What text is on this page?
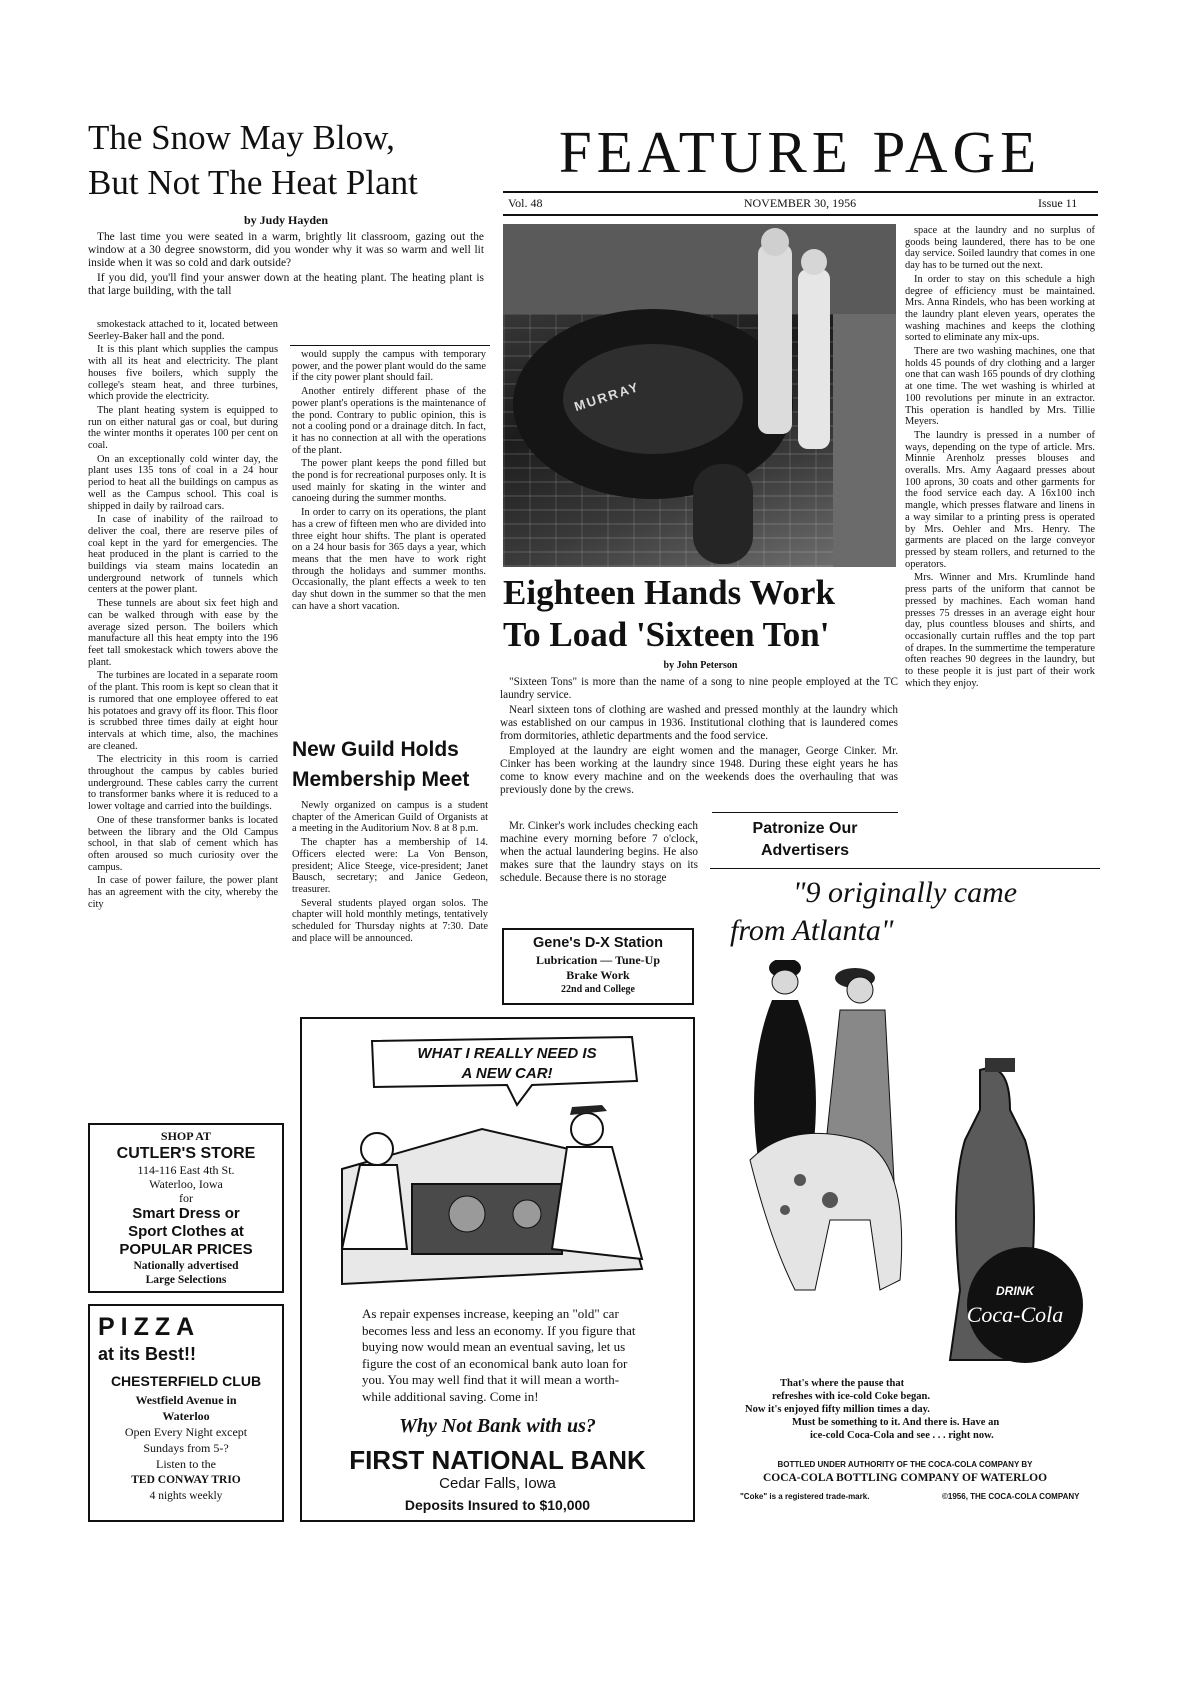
The Snow May Blow,
But Not The Heat Plant
by Judy Hayden

The last time you were seated in a warm, brightly lit classroom, gazing out the window at a 30 degree snowstorm, did you wonder why it was so warm and well lit inside when it was so cold and dark outside?

If you did, you'll find your answer down at the heating plant. The heating plant is that large building, with the tall

smokestack attached to it, located between Seerley-Baker hall and the pond.

It is this plant which supplies the campus with all its heat and electricity. The plant houses five boilers, which supply the college's steam heat, and three turbines, which provide the electricity.

The plant heating system is equipped to run on either natural gas or coal, but during the winter months it operates 100 per cent on coal.

On an exceptionally cold winter day, the plant uses 135 tons of coal in a 24 hour period to heat all the buildings on campus as well as the Campus school. This coal is shipped in daily by railroad cars.

In case of inability of the railroad to deliver the coal, there are reserve piles of coal kept in the yard for emergencies. The heat produced in the plant is carried to the buildings via steam mains locatedin an underground network of tunnels which centers at the power plant.

These tunnels are about six feet high and can be walked through with ease by the average sized person. The boilers which manufacture all this heat empty into the 196 feet tall smokestack which towers above the plant.

The turbines are located in a separate room of the plant. This room is kept so clean that it is rumored that one employee offered to eat his potatoes and gravy off its floor. This floor is scrubbed three times daily at eight hour intervals at which time, also, the machines are cleaned.

The electricity in this room is carried throughout the campus by cables buried underground. These cables carry the current to transformer banks where it is reduced to a lower voltage and carried into the buildings.

One of these transformer banks is located between the library and the Old Campus school, in that slab of cement which has often aroused so much curiosity over the campus.

In case of power failure, the power plant has an agreement with the city, whereby the city

would supply the campus with temporary power, and the power plant would do the same if the city power plant should fail.

Another entirely different phase of the power plant's operations is the maintenance of the pond. Contrary to public opinion, this is not a cooling pond or a drainage ditch. In fact, it has no connection at all with the operations of the plant.

The power plant keeps the pond filled but the pond is for recreational purposes only. It is used mainly for skating in the winter and canoeing during the summer months.

In order to carry on its operations, the plant has a crew of fifteen men who are divided into three eight hour shifts. The plant is operated on a 24 hour basis for 365 days a year, which means that the men have to work right through the holidays and summer months. Occasionally, the plant effects a week to ten day shut down in the summer so that the men can have a short vacation.

New Guild Holds Membership Meet

Newly organized on campus is a student chapter of the American Guild of Organists at a meeting in the Auditorium Nov. 8 at 8 p.m.

The chapter has a membership of 14. Officers elected were: La Von Benson, president; Alice Steege, vice-president; Janet Bausch, secretary; and Janice Gedeon, treasurer.

Several students played organ solos. The chapter will hold monthly metings, tentatively scheduled for Thursday nights at 7:30. Date and place will be announced.

FEATURE PAGE
Vol. 48	NOVEMBER 30, 1956	Issue 11
MURRAY
Eighteen Hands Work
To Load 'Sixteen Ton'
by John Peterson

"Sixteen Tons" is more than the name of a song to nine people employed at the TC laundry service.

Nearl sixteen tons of clothing are washed and pressed monthly at the laundry which was established on our campus in 1936. Institutional clothing that is laundered comes from dormitories, athletic departments and the food service.

Employed at the laundry are eight women and the manager, George Cinker. Mr. Cinker has been working at the laundry since 1948. During these eight years he has come to know every machine and on the weekends does the overhauling that was previously done by the crews.

Mr. Cinker's work includes checking each machine every morning before 7 o'clock, when the actual laundering begins. He also makes sure that the laundry stays on its schedule. Because there is no storage

space at the laundry and no surplus of goods being laundered, there has to be one day service. Soiled laundry that comes in one day has to be turned out the next.

In order to stay on this schedule a high degree of efficiency must be maintained. Mrs. Anna Rindels, who has been working at the laundry plant eleven years, operates the washing machines and keeps the clothing sorted to eliminate any mix-ups.

There are two washing machines, one that holds 45 pounds of dry clothing and a larger one that can wash 165 pounds of dry clothing at one time. The wet washing is whirled at 100 revolutions per minute in an extractor. This operation is handled by Mrs. Tillie Meyers.

The laundry is pressed in a number of ways, depending on the type of article. Mrs. Minnie Arenholz presses blouses and overalls. Mrs. Amy Aagaard presses about 100 aprons, 30 coats and other garments for the food service each day. A 16x100 inch mangle, which presses flatware and linens in a way similar to a printing press is operated by Mrs. Oehler and Mrs. Henry. The garments are placed on the large conveyor pressed by steam rollers, and returned to the operators.

Mrs. Winner and Mrs. Krumlinde hand press parts of the uniform that cannot be pressed by machines. Each woman hand presses 75 dresses in an average eight hour day, plus countless blouses and shirts, and occasionally curtain ruffles and the top part of drapes. In the summertime the temperature often reaches 90 degrees in the laundry, but to these people it is just part of their work which they enjoy.

Patronize Our
Advertisers
Gene's D-X Station
Lubrication — Tune-Up
Brake Work
22nd and College
SHOP AT
CUTLER'S STORE
114-116 East 4th St.
Waterloo, Iowa
for
Smart Dress or
Sport Clothes at
POPULAR PRICES
Nationally advertised
Large Selections
PIZZA
at its Best!!
CHESTERFIELD CLUB
Westfield Avenue in
Waterloo
Open Every Night except
Sundays from 5-?
Listen to the
TED CONWAY TRIO
4 nights weekly
WHAT I REALLY NEED IS
A NEW CAR!
As repair expenses increase, keeping an "old" car becomes less and less an economy. If you figure that buying now would mean an eventual saving, let us figure the cost of an economical bank auto loan for you. You may well find that it will mean a worth-while additional saving. Come in!
Why Not Bank with us?
FIRST NATIONAL BANK
Cedar Falls, Iowa
Deposits Insured to $10,000
"9 originally came
from Atlanta"
DRINK
Coca-Cola
That's where the pause that
refreshes with ice-cold Coke began.
Now it's enjoyed fifty million times a day.
Must be something to it. And there is. Have an
ice-cold Coca-Cola and see . . . right now.
BOTTLED UNDER AUTHORITY OF THE COCA-COLA COMPANY BY
COCA-COLA BOTTLING COMPANY OF WATERLOO
"Coke" is a registered trade-mark.	©1956, THE COCA-COLA COMPANY
